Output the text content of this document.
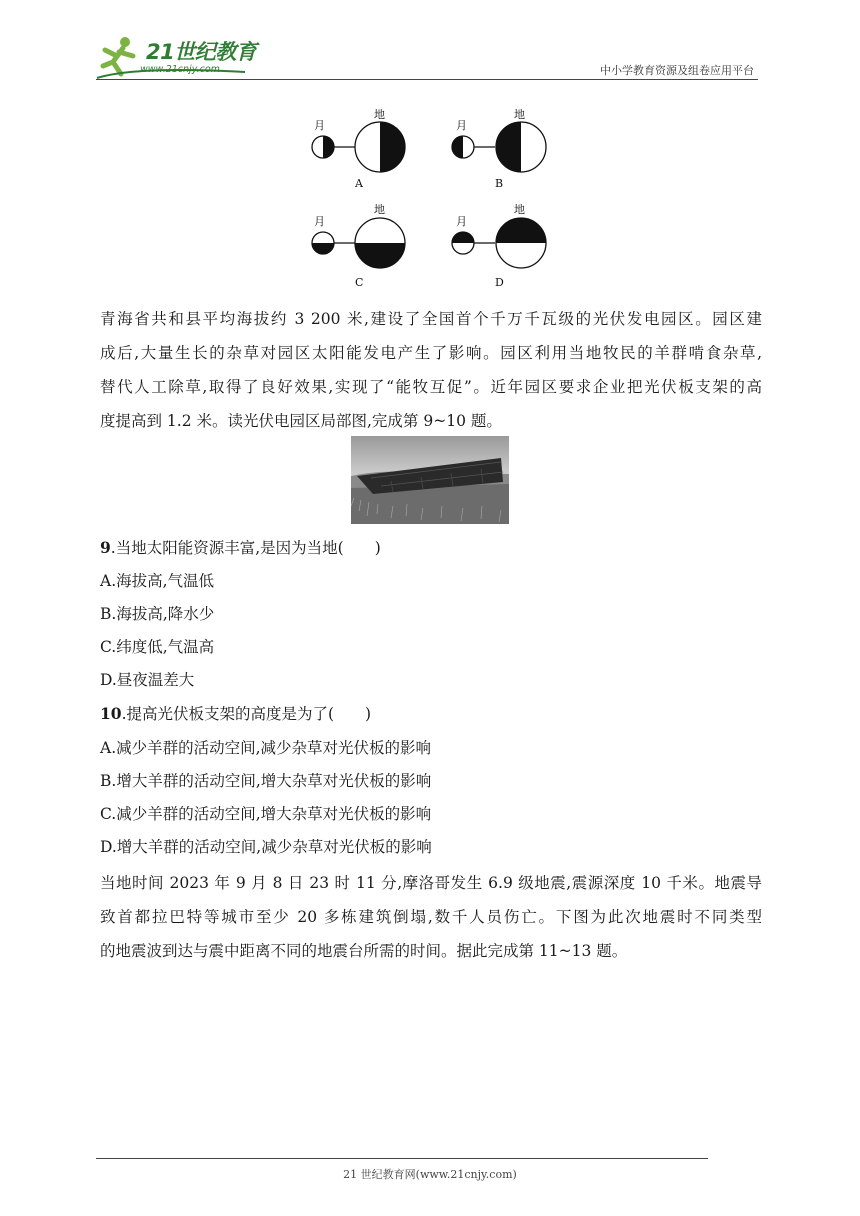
21世纪教育
www.21cnjy.com	中小学教育资源及组卷应用平台
月
地
A
月
地
B
月
地
C
月
地
D
青海省共和县平均海拔约 3 200 米,建设了全国首个千万千瓦级的光伏发电园区。园区建
成后,大量生长的杂草对园区太阳能发电产生了影响。园区利用当地牧民的羊群啃食杂草,
替代人工除草,取得了良好效果,实现了“能牧互促”。近年园区要求企业把光伏板支架的高
度提高到 1.2 米。读光伏电园区局部图,完成第 9~10 题。
9.当地太阳能资源丰富,是因为当地(　　)
A.海拔高,气温低
B.海拔高,降水少
C.纬度低,气温高
D.昼夜温差大
10.提高光伏板支架的高度是为了(　　)
A.减少羊群的活动空间,减少杂草对光伏板的影响
B.增大羊群的活动空间,增大杂草对光伏板的影响
C.减少羊群的活动空间,增大杂草对光伏板的影响
D.增大羊群的活动空间,减少杂草对光伏板的影响
当地时间 2023 年 9 月 8 日 23 时 11 分,摩洛哥发生 6.9 级地震,震源深度 10 千米。地震导
致首都拉巴特等城市至少 20 多栋建筑倒塌,数千人员伤亡。下图为此次地震时不同类型
的地震波到达与震中距离不同的地震台所需的时间。据此完成第 11~13 题。
21 世纪教育网(www.21cnjy.com)
